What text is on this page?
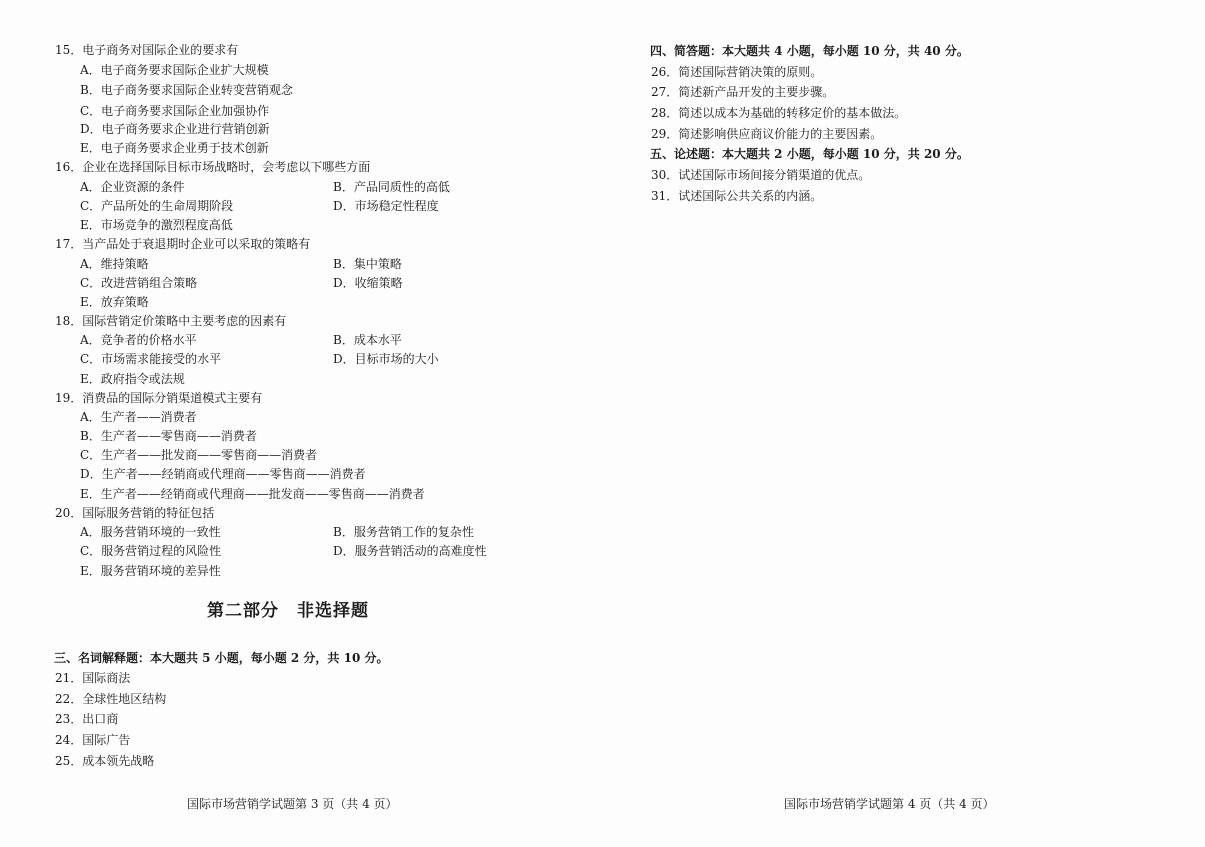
15．电子商务对国际企业的要求有
A．电子商务要求国际企业扩大规模
B．电子商务要求国际企业转变营销观念
C．电子商务要求国际企业加强协作
D．电子商务要求企业进行营销创新
E．电子商务要求企业勇于技术创新
16．企业在选择国际目标市场战略时，会考虑以下哪些方面
A．企业资源的条件	B．产品同质性的高低
C．产品所处的生命周期阶段	D．市场稳定性程度
E．市场竞争的激烈程度高低
17．当产品处于衰退期时企业可以采取的策略有
A．维持策略	B．集中策略
C．改进营销组合策略	D．收缩策略
E．放弃策略
18．国际营销定价策略中主要考虑的因素有
A．竞争者的价格水平	B．成本水平
C．市场需求能接受的水平	D．目标市场的大小
E．政府指令或法规
19．消费品的国际分销渠道模式主要有
A．生产者——消费者
B．生产者——零售商——消费者
C．生产者——批发商——零售商——消费者
D．生产者——经销商或代理商——零售商——消费者
E．生产者——经销商或代理商——批发商——零售商——消费者
20．国际服务营销的特征包括
A．服务营销环境的一致性	B．服务营销工作的复杂性
C．服务营销过程的风险性	D．服务营销活动的高难度性
E．服务营销环境的差异性
第二部分　非选择题
三、名词解释题：本大题共 5 小题，每小题 2 分，共 10 分。
21．国际商法
22．全球性地区结构
23．出口商
24．国际广告
25．成本领先战略
国际市场营销学试题第 3 页（共 4 页）
四、简答题：本大题共 4 小题，每小题 10 分，共 40 分。
26．简述国际营销决策的原则。
27．简述新产品开发的主要步骤。
28．简述以成本为基础的转移定价的基本做法。
29．简述影响供应商议价能力的主要因素。
五、论述题：本大题共 2 小题，每小题 10 分，共 20 分。
30．试述国际市场间接分销渠道的优点。
31．试述国际公共关系的内涵。
国际市场营销学试题第 4 页（共 4 页）
